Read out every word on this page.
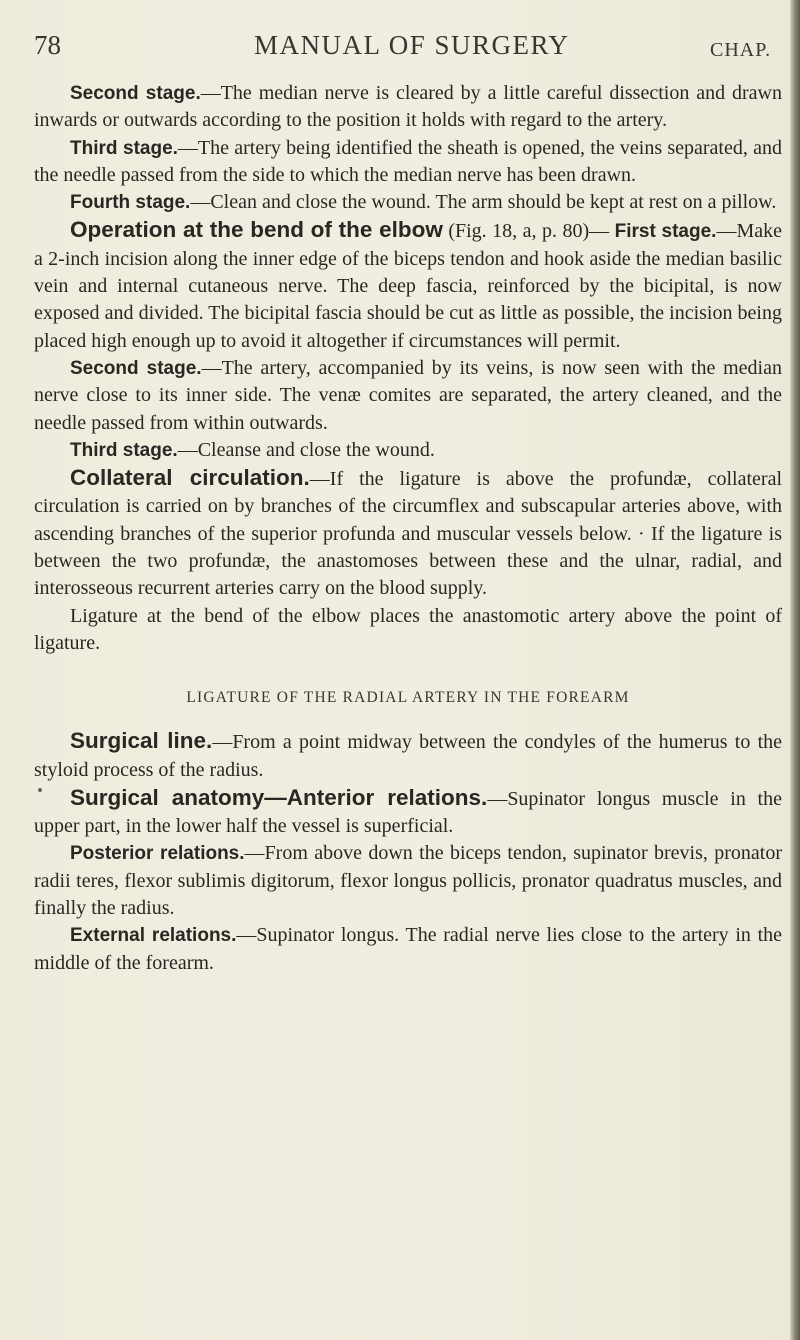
78	MANUAL OF SURGERY	CHAP.

Second stage.—The median nerve is cleared by a little careful dissection and drawn inwards or outwards according to the position it holds with regard to the artery.

Third stage.—The artery being identified the sheath is opened, the veins separated, and the needle passed from the side to which the median nerve has been drawn.

Fourth stage.—Clean and close the wound. The arm should be kept at rest on a pillow.

Operation at the bend of the elbow (Fig. 18, a, p. 80)— First stage.—Make a 2-inch incision along the inner edge of the biceps tendon and hook aside the median basilic vein and internal cutaneous nerve. The deep fascia, reinforced by the bicipital, is now exposed and divided. The bicipital fascia should be cut as little as possible, the incision being placed high enough up to avoid it altogether if circumstances will permit.

Second stage.—The artery, accompanied by its veins, is now seen with the median nerve close to its inner side. The venæ comites are separated, the artery cleaned, and the needle passed from within outwards.

Third stage.—Cleanse and close the wound.

Collateral circulation.—If the ligature is above the profundæ, collateral circulation is carried on by branches of the circumflex and subscapular arteries above, with ascending branches of the superior profunda and muscular vessels below. · If the ligature is between the two profundæ, the anastomoses between these and the ulnar, radial, and interosseous recurrent arteries carry on the blood supply.

Ligature at the bend of the elbow places the anastomotic artery above the point of ligature.

LIGATURE OF THE RADIAL ARTERY IN THE FOREARM

Surgical line.—From a point midway between the condyles of the humerus to the styloid process of the radius.

Surgical anatomy—Anterior relations.—Supinator longus muscle in the upper part, in the lower half the vessel is superficial.

Posterior relations.—From above down the biceps tendon, supinator brevis, pronator radii teres, flexor sublimis digitorum, flexor longus pollicis, pronator quadratus muscles, and finally the radius.

External relations.—Supinator longus. The radial nerve lies close to the artery in the middle of the forearm.
